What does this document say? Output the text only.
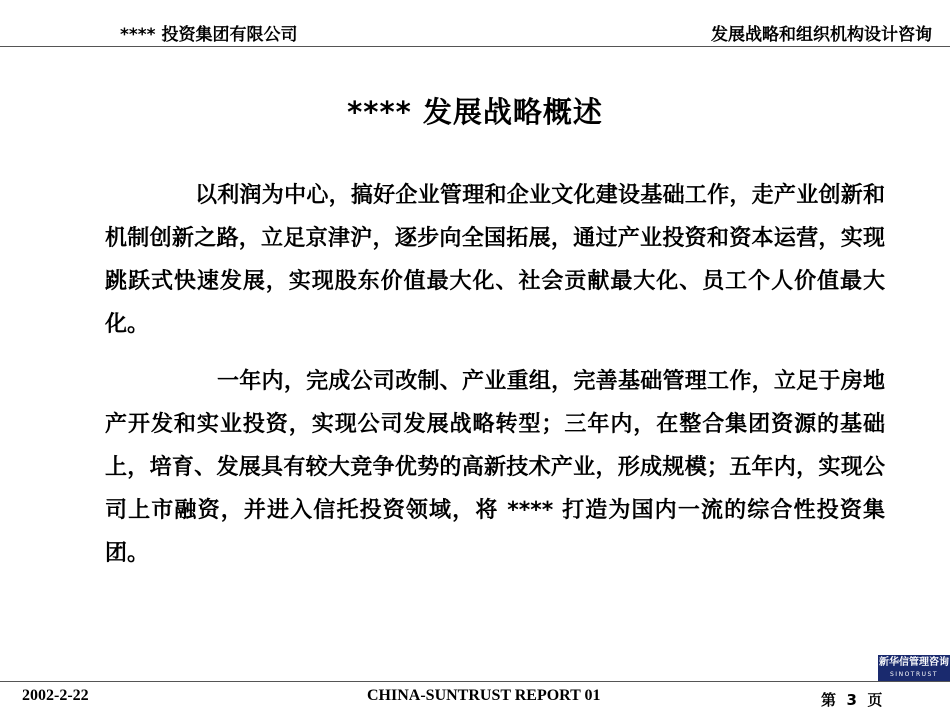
**** 投资集团有限公司	发展战略和组织机构设计咨询
**** 发展战略概述

以利润为中心，搞好企业管理和企业文化建设基础工作，走产业创新和机制创新之路，立足京津沪，逐步向全国拓展，通过产业投资和资本运营，实现跳跃式快速发展，实现股东价值最大化、社会贡献最大化、员工个人价值最大化。

一年内，完成公司改制、产业重组，完善基础管理工作，立足于房地产开发和实业投资，实现公司发展战略转型；三年内，在整合集团资源的基础上，培育、发展具有较大竞争优势的高新技术产业，形成规模；五年内，实现公司上市融资，并进入信托投资领域，将 **** 打造为国内一流的综合性投资集团。

新华信管理咨询
SINOTRUST
2002-2-22	CHINA-SUNTRUST REPORT 01	第  3  页
